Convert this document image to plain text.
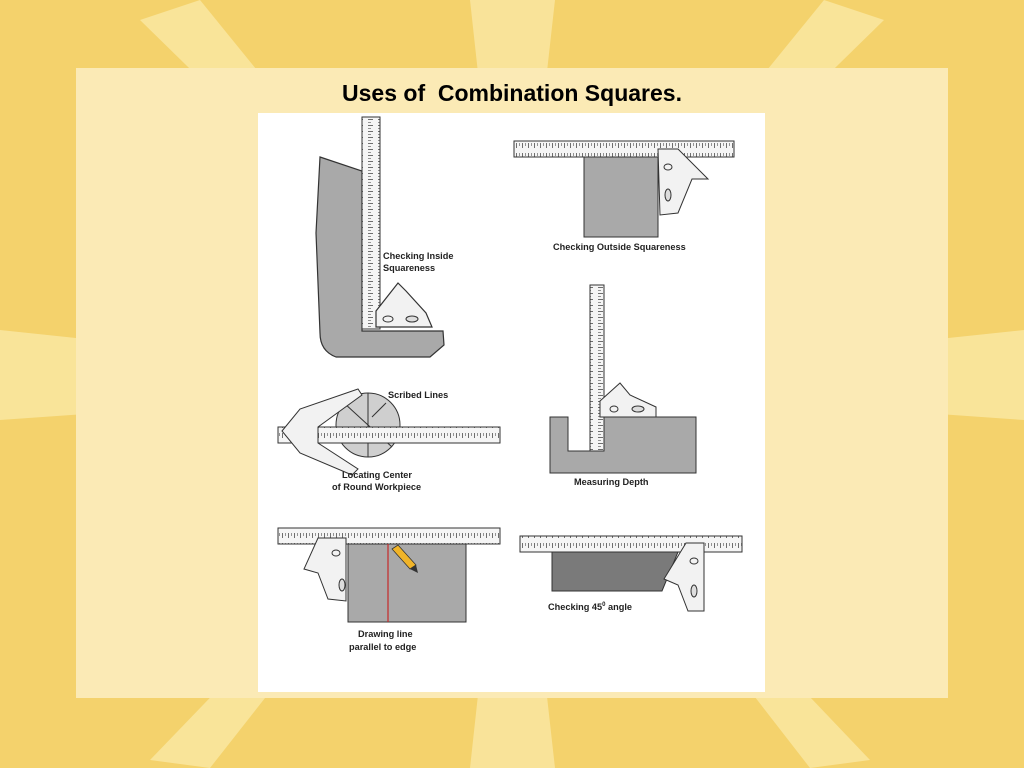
Uses of  Combination Squares.
Checking Inside
Squareness
Checking Outside Squareness
Scribed Lines
Locating Center
of Round Workpiece	Measuring Depth
Drawing line
parallel to edge
Checking $45^0$ angle
